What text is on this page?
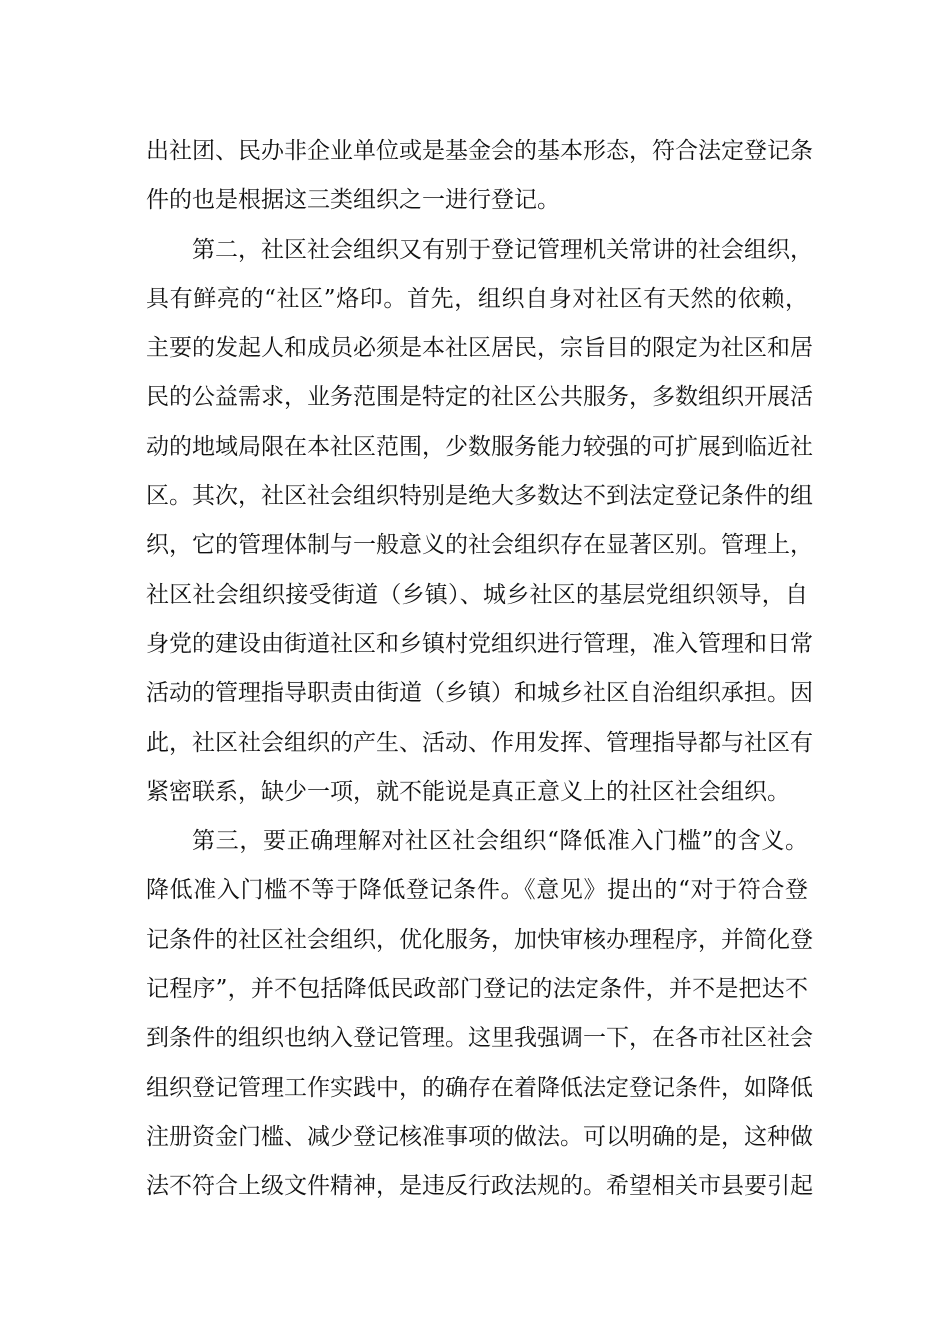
出社团、民办非企业单位或是基金会的基本形态，符合法定登记条
件的也是根据这三类组织之一进行登记。
第二，社区社会组织又有别于登记管理机关常讲的社会组织，
具有鲜亮的“社区”烙印。首先，组织自身对社区有天然的依赖，
主要的发起人和成员必须是本社区居民，宗旨目的限定为社区和居
民的公益需求，业务范围是特定的社区公共服务，多数组织开展活
动的地域局限在本社区范围，少数服务能力较强的可扩展到临近社
区。其次，社区社会组织特别是绝大多数达不到法定登记条件的组
织，它的管理体制与一般意义的社会组织存在显著区别。管理上，
社区社会组织接受街道（乡镇）、城乡社区的基层党组织领导，自
身党的建设由街道社区和乡镇村党组织进行管理，准入管理和日常
活动的管理指导职责由街道（乡镇）和城乡社区自治组织承担。因
此，社区社会组织的产生、活动、作用发挥、管理指导都与社区有
紧密联系，缺少一项，就不能说是真正意义上的社区社会组织。
第三，要正确理解对社区社会组织“降低准入门槛”的含义。
降低准入门槛不等于降低登记条件。《意见》提出的“对于符合登
记条件的社区社会组织，优化服务，加快审核办理程序，并简化登
记程序”，并不包括降低民政部门登记的法定条件，并不是把达不
到条件的组织也纳入登记管理。这里我强调一下，在各市社区社会
组织登记管理工作实践中，的确存在着降低法定登记条件，如降低
注册资金门槛、减少登记核准事项的做法。可以明确的是，这种做
法不符合上级文件精神，是违反行政法规的。希望相关市县要引起
